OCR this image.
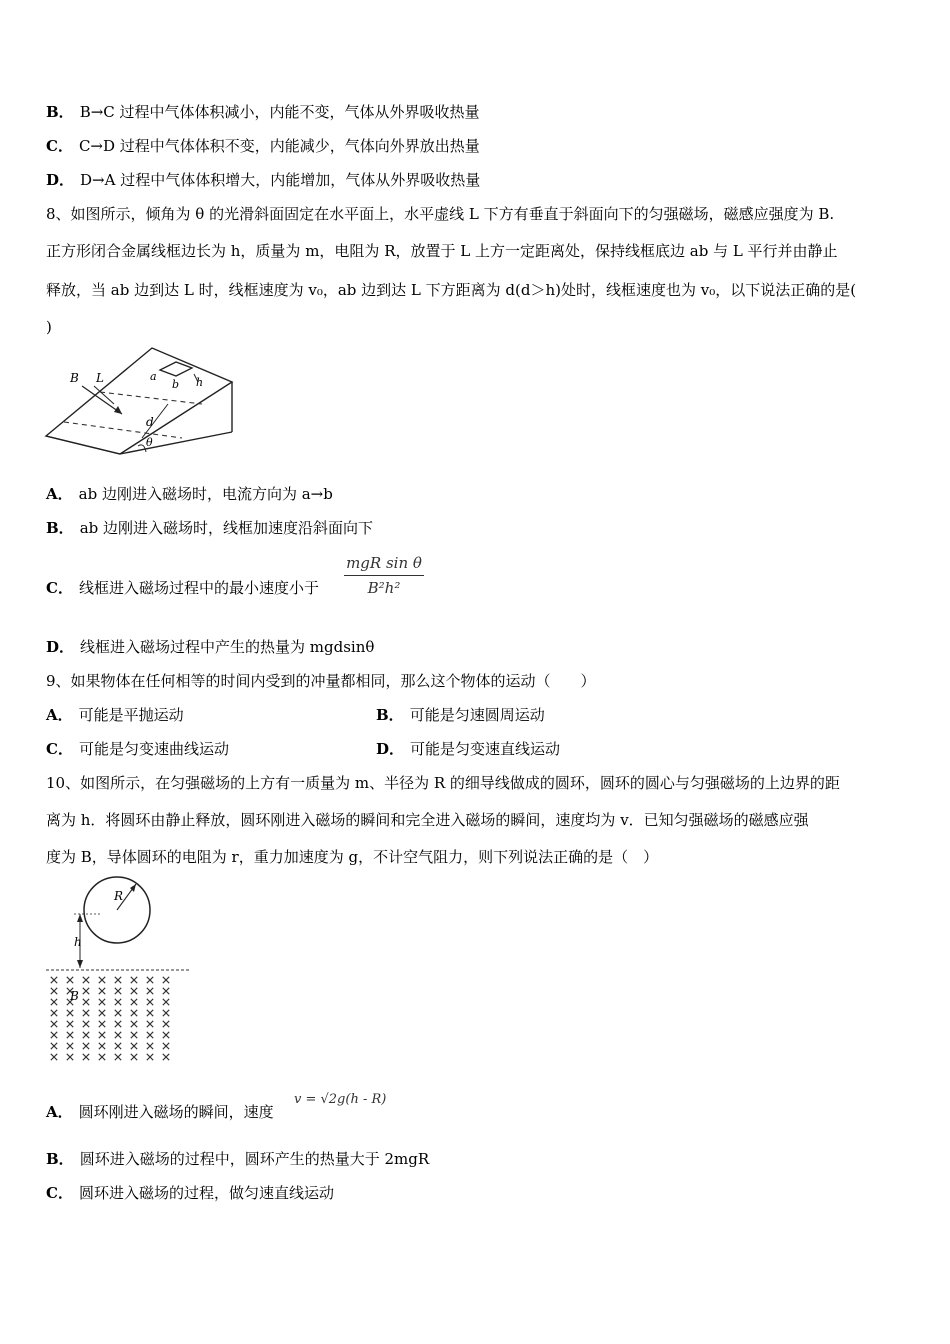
B． B→C 过程中气体体积减小，内能不变，气体从外界吸收热量
C． C→D 过程中气体体积不变，内能减少，气体向外界放出热量
D． D→A 过程中气体体积增大，内能增加，气体从外界吸收热量
8、如图所示，倾角为 θ 的光滑斜面固定在水平面上，水平虚线 L 下方有垂直于斜面向下的匀强磁场，磁感应强度为 B.
正方形闭合金属线框边长为 h，质量为 m，电阻为 R，放置于 L 上方一定距离处，保持线框底边 ab 与 L 平行并由静止
释放，当 ab 边到达 L 时，线框速度为 v₀，ab 边到达 L 下方距离为 d(d＞h)处时，线框速度也为 v₀，以下说法正确的是(
)
B L	a
b h
d
θ
A． ab 边刚进入磁场时，电流方向为 a→b
B． ab 边刚进入磁场时，线框加速度沿斜面向下
C． 线框进入磁场过程中的最小速度小于
mgR sin θ
B²h²
D． 线框进入磁场过程中产生的热量为 mgdsinθ
9、如果物体在任何相等的时间内受到的冲量都相同，那么这个物体的运动（　　）
A． 可能是平抛运动	B． 可能是匀速圆周运动
C． 可能是匀变速曲线运动	D． 可能是匀变速直线运动
10、如图所示，在匀强磁场的上方有一质量为 m、半径为 R 的细导线做成的圆环，圆环的圆心与匀强磁场的上边界的距
离为 h．将圆环由静止释放，圆环刚进入磁场的瞬间和完全进入磁场的瞬间，速度均为 v．已知匀强磁场的磁感应强
度为 B，导体圆环的电阻为 r，重力加速度为 g，不计空气阻力，则下列说法正确的是（　）
R
h
B
A． 圆环刚进入磁场的瞬间，速度
v = √2g(h - R)
B． 圆环进入磁场的过程中，圆环产生的热量大于 2mgR
C． 圆环进入磁场的过程，做匀速直线运动
